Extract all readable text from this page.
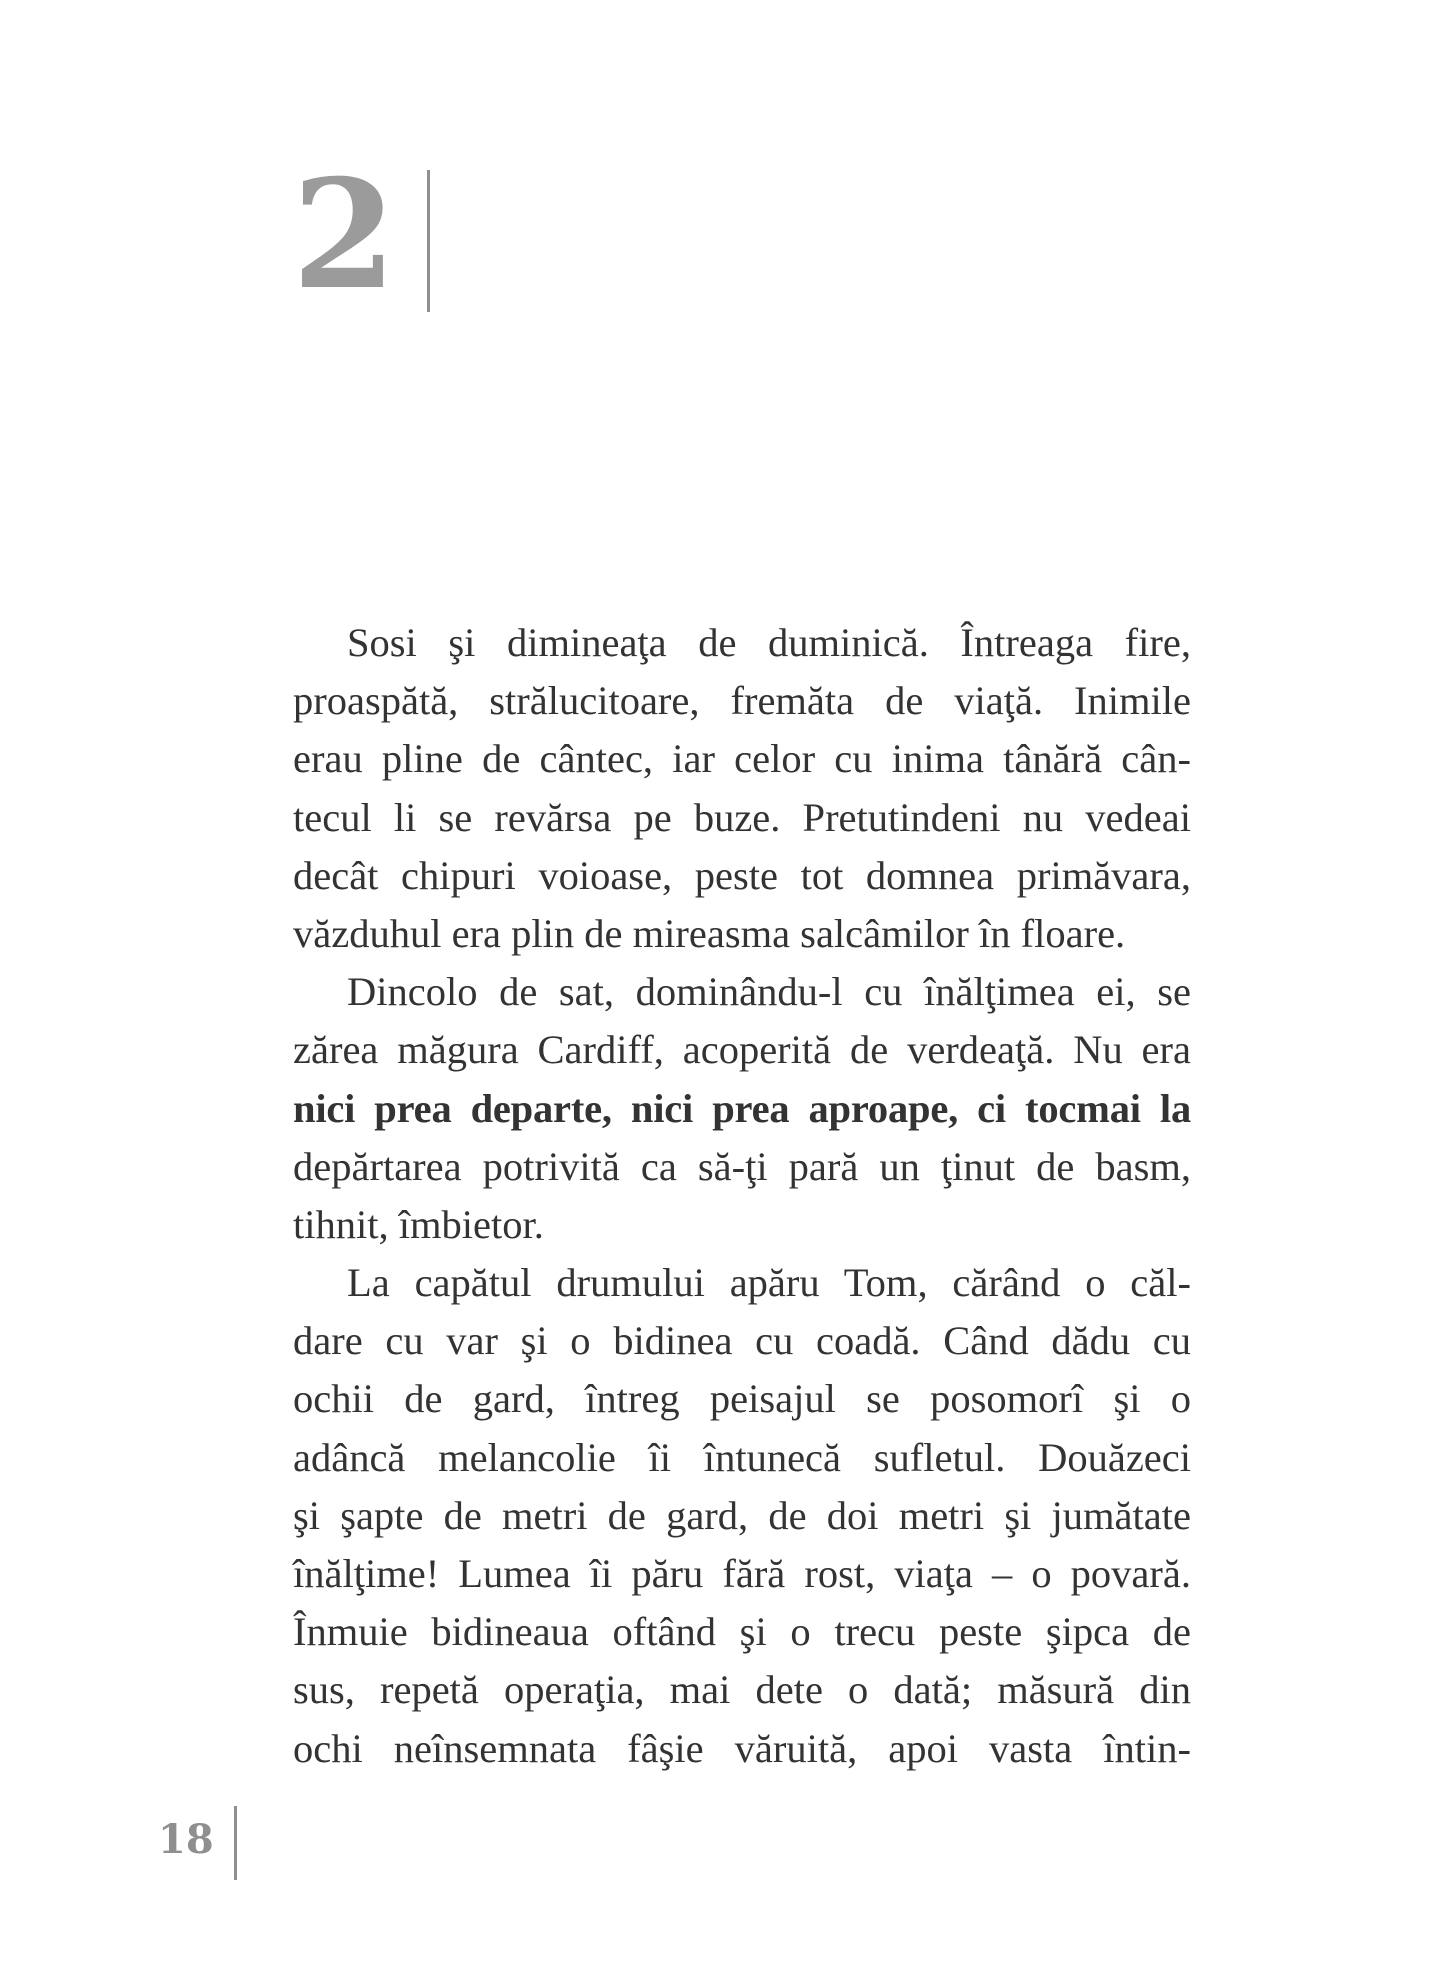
2
Sosi şi dimineaţa de duminică. Întreaga fire,
proaspătă, strălucitoare, fremăta de viaţă. Inimile
erau pline de cântec, iar celor cu inima tânără cân-
tecul li se revărsa pe buze. Pretutindeni nu vedeai
decât chipuri voioase, peste tot domnea primăvara,
văzduhul era plin de mireasma salcâmilor în floare.
Dincolo de sat, dominându-l cu înălţimea ei, se
zărea măgura Cardiff, acoperită de verdeaţă. Nu era
nici prea departe, nici prea aproape, ci tocmai la
depărtarea potrivită ca să-ţi pară un ţinut de basm,
tihnit, îmbietor.
La capătul drumului apăru Tom, cărând o căl-
dare cu var şi o bidinea cu coadă. Când dădu cu
ochii de gard, întreg peisajul se posomorî şi o
adâncă melancolie îi întunecă sufletul. Douăzeci
şi şapte de metri de gard, de doi metri şi jumătate
înălţime! Lumea îi păru fără rost, viaţa – o povară.
Înmuie bidineaua oftând şi o trecu peste şipca de
sus, repetă operaţia, mai dete o dată; măsură din
ochi neînsemnata fâşie văruită, apoi vasta întin-
18
